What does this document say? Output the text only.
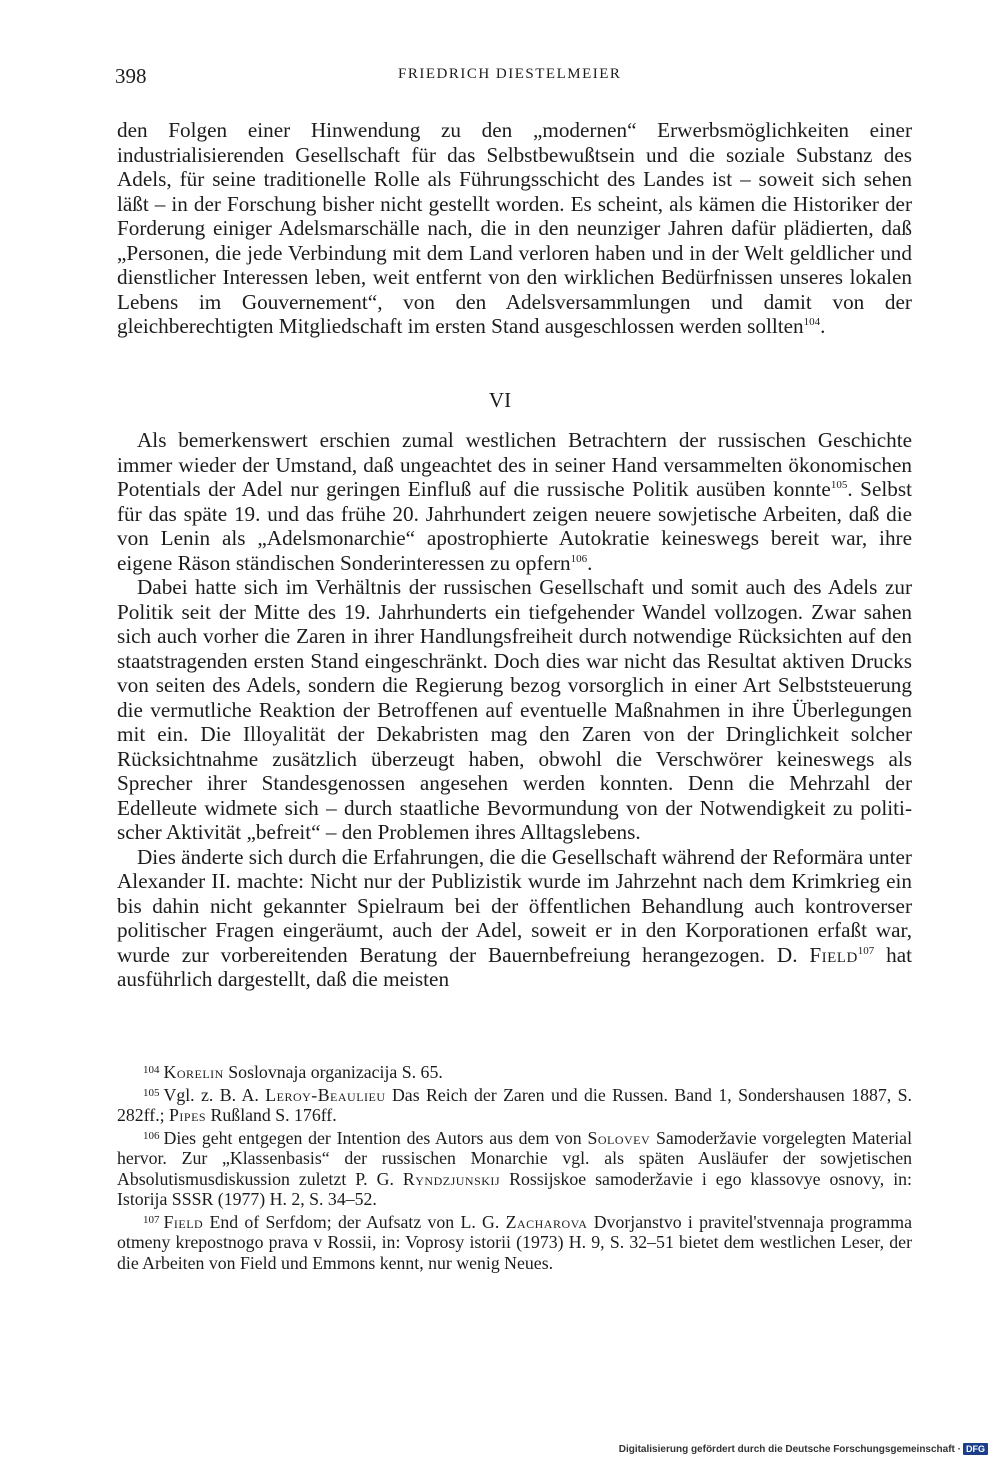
398	FRIEDRICH DIESTELMEIER

den Folgen einer Hinwendung zu den „modernen“ Erwerbsmöglichkeiten einer industrialisierenden Gesellschaft für das Selbstbewußtsein und die soziale Substanz des Adels, für seine traditionelle Rolle als Führungsschicht des Landes ist – soweit sich sehen läßt – in der Forschung bisher nicht gestellt worden. Es scheint, als kämen die Historiker der Forderung einiger Adelsmarschälle nach, die in den neunziger Jahren dafür plädierten, daß „Personen, die jede Verbindung mit dem Land verloren haben und in der Welt geldlicher und dienstlicher Interessen leben, weit entfernt von den wirklichen Bedürfnissen unseres lokalen Lebens im Gouvernement“, von den Adelsversammlungen und damit von der gleichberechtigten Mitgliedschaft im ersten Stand ausgeschlossen werden sollten$^{104}$.

VI

Als bemerkenswert erschien zumal westlichen Betrachtern der russischen Geschichte immer wieder der Umstand, daß ungeachtet des in seiner Hand versammelten ökonomischen Potentials der Adel nur geringen Einfluß auf die russische Politik ausüben konnte$^{105}$. Selbst für das späte 19. und das frühe 20. Jahrhundert zeigen neuere sowjetische Arbeiten, daß die von Lenin als „Adelsmonarchie“ apostrophierte Autokratie keineswegs bereit war, ihre eigene Räson ständischen Sonderinteressen zu opfern$^{106}$.

Dabei hatte sich im Verhältnis der russischen Gesellschaft und somit auch des Adels zur Politik seit der Mitte des 19. Jahrhunderts ein tiefgehender Wandel vollzogen. Zwar sahen sich auch vorher die Zaren in ihrer Handlungsfreiheit durch notwendige Rücksichten auf den staatstragenden ersten Stand eingeschränkt. Doch dies war nicht das Resultat aktiven Drucks von seiten des Adels, sondern die Regierung bezog vorsorglich in einer Art Selbststeuerung die vermutliche Reaktion der Betroffenen auf eventuelle Maßnahmen in ihre Überlegungen mit ein. Die Illoyalität der Dekabristen mag den Zaren von der Dringlichkeit solcher Rücksichtnahme zusätzlich überzeugt haben, obwohl die Verschwörer keineswegs als Sprecher ihrer Standesgenossen angesehen werden konnten. Denn die Mehrzahl der Edelleute widmete sich – durch staatliche Bevormundung von der Notwendigkeit zu politischer Aktivität „befreit“ – den Problemen ihres Alltagslebens.

Dies änderte sich durch die Erfahrungen, die die Gesellschaft während der Reformära unter Alexander II. machte: Nicht nur der Publizistik wurde im Jahrzehnt nach dem Krimkrieg ein bis dahin nicht gekannter Spielraum bei der öffentlichen Behandlung auch kontroverser politischer Fragen eingeräumt, auch der Adel, soweit er in den Korporationen erfaßt war, wurde zur vorbereitenden Beratung der Bauernbefreiung herangezogen. D. Field$^{107}$ hat ausführlich dargestellt, daß die meisten

$^{104}$ Korelin Soslovnaja organizacija S. 65.

$^{105}$ Vgl. z. B. A. Leroy-Beaulieu Das Reich der Zaren und die Russen. Band 1, Sondershausen 1887, S. 282ff.; Pipes Rußland S. 176ff.

$^{106}$ Dies geht entgegen der Intention des Autors aus dem von Solovev Samoderžavie vorgelegten Material hervor. Zur „Klassenbasis“ der russischen Monarchie vgl. als späten Ausläufer der sowjetischen Absolutismusdiskussion zuletzt P. G. Ryndzjunskij Rossijskoe samoderžavie i ego klassovye osnovy, in: Istorija SSSR (1977) H. 2, S. 34–52.

$^{107}$ Field End of Serfdom; der Aufsatz von L. G. Zacharova Dvorjanstvo i pravitel'stvennaja programma otmeny krepostnogo prava v Rossii, in: Voprosy istorii (1973) H. 9, S. 32–51 bietet dem westlichen Leser, der die Arbeiten von Field und Emmons kennt, nur wenig Neues.

Digitalisierung gefördert durch die Deutsche Forschungsgemeinschaft · DFG
